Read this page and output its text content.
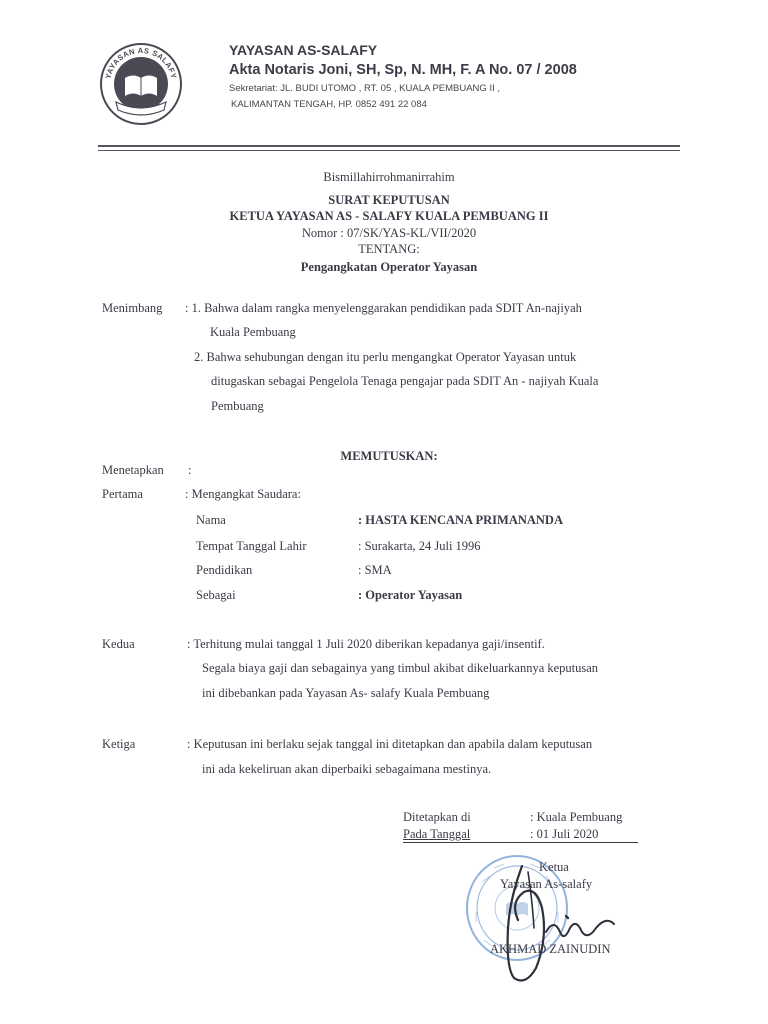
YAYASAN AS SALAFY
YAYASAN AS-SALAFY
Akta Notaris Joni, SH, Sp, N. MH, F. A No. 07 / 2008
Sekretariat: JL. BUDI UTOMO , RT. 05 , KUALA PEMBUANG II ,
KALIMANTAN TENGAH, HP. 0852 491 22 084
Bismillahirrohmanirrahim
SURAT KEPUTUSAN
KETUA YAYASAN AS - SALAFY KUALA PEMBUANG II
Nomor : 07/SK/YAS-KL/VII/2020
TENTANG:
Pengangkatan Operator Yayasan
Menimbang : 1. Bahwa dalam rangka menyelenggarakan pendidikan pada SDIT An-najiyah
Kuala Pembuang
2. Bahwa sehubungan dengan itu perlu mengangkat Operator Yayasan untuk
ditugaskan sebagai Pengelola Tenaga pengajar pada SDIT An - najiyah Kuala
Pembuang
MEMUTUSKAN:
Menetapkan :
Pertama	: Mengangkat Saudara:
Nama	: HASTA KENCANA PRIMANANDA
Tempat Tanggal Lahir	: Surakarta, 24 Juli 1996
Pendidikan	: SMA
Sebagai	: Operator Yayasan
Kedua	: Terhitung mulai tanggal 1 Juli 2020 diberikan kepadanya gaji/insentif.
Segala biaya gaji dan sebagainya yang timbul akibat dikeluarkannya keputusan
ini dibebankan pada Yayasan As- salafy Kuala Pembuang
Ketiga	: Keputusan ini berlaku sejak tanggal ini ditetapkan dan apabila dalam keputusan
ini ada kekeliruan akan diperbaiki sebagaimana mestinya.
Ditetapkan di	: Kuala Pembuang
Pada Tanggal	: 01 Juli 2020
Ketua
Yayasan As-salafy
AKHMAD ZAINUDIN
